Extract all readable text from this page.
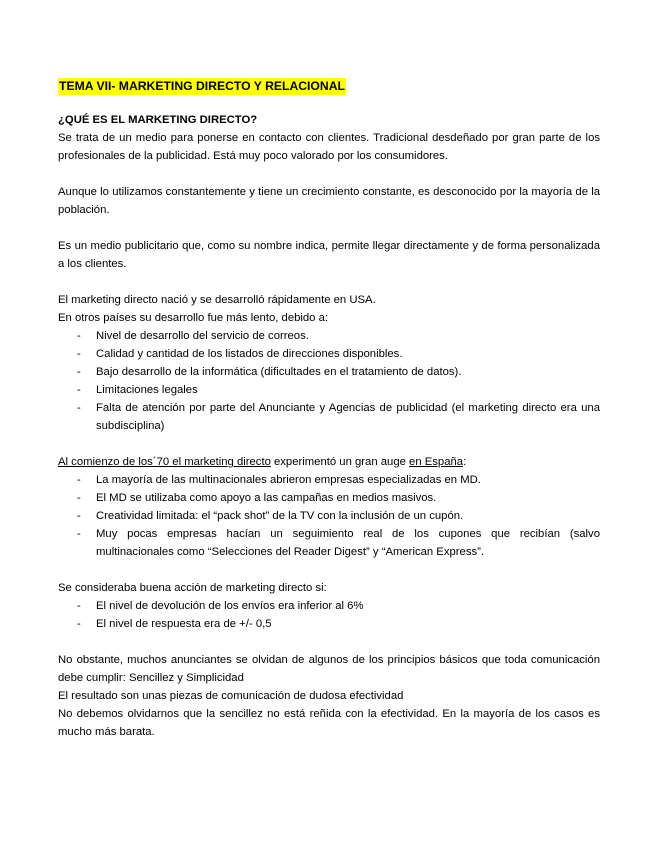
TEMA VII- MARKETING DIRECTO Y RELACIONAL
¿QUÉ ES EL MARKETING DIRECTO?

Se trata de un medio para ponerse en contacto con clientes. Tradicional desdeñado por gran parte de los profesionales de la publicidad. Está muy poco valorado por los consumidores.

Aunque lo utilizamos constantemente y tiene un crecimiento constante, es desconocido por la mayoría de la población.

Es un medio publicitario que, como su nombre indica, permite llegar directamente y de forma personalizada a los clientes.

El marketing directo nació y se desarrolló rápidamente en USA.

En otros países su desarrollo fue más lento, debido a:

- Nivel de desarrollo del servicio de correos.
- Calidad y cantidad de los listados de direcciones disponibles.
- Bajo desarrollo de la informática (dificultades en el tratamiento de datos).
- Limitaciones legales
- Falta de atención por parte del Anunciante y Agencias de publicidad (el marketing directo era una subdisciplina)

Al comienzo de los´70 el marketing directo experimentó un gran auge en España:

- La mayoría de las multinacionales abrieron empresas especializadas en MD.
- El MD se utilizaba como apoyo a las campañas en medios masivos.
- Creatividad limitada: el “pack shot” de la TV con la inclusión de un cupón.
- Muy pocas empresas hacían un seguimiento real de los cupones que recibían (salvo multinacionales como “Selecciones del Reader Digest” y “American Express”.

Se consideraba buena acción de marketing directo si:

- El nivel de devolución de los envíos era inferior al 6%
- El nivel de respuesta era de +/- 0,5

No obstante, muchos anunciantes se olvidan de algunos de los principios básicos que toda comunicación debe cumplir: Sencillez y Simplicidad

El resultado son unas piezas de comunicación de dudosa efectividad

No debemos olvidarnos que la sencillez no está reñida con la efectividad. En la mayoría de los casos es mucho más barata.
